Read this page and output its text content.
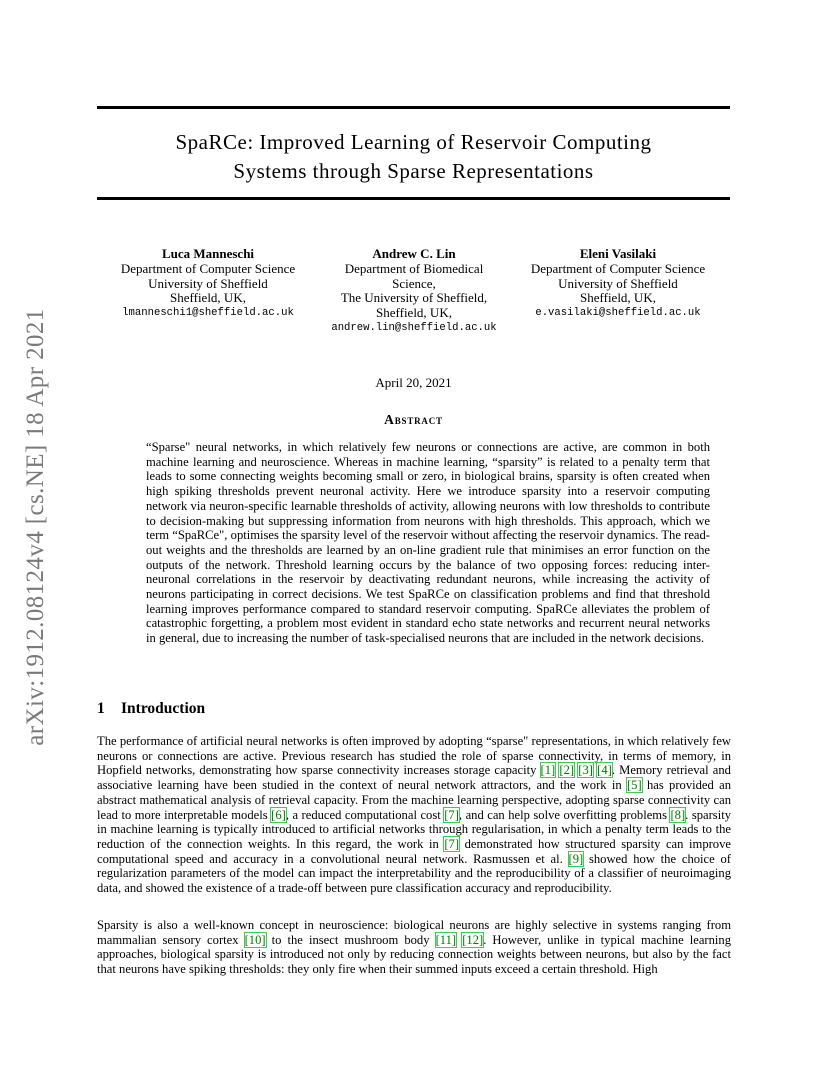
SpaRCe: Improved Learning of Reservoir Computing
Systems through Sparse Representations
arXiv:1912.08124v4 [cs.NE] 18 Apr 2021
Luca Manneschi
Department of Computer Science
University of Sheffield
Sheffield, UK,
lmanneschi1@sheffield.ac.uk
Andrew C. Lin
Department of Biomedical
Science,
The University of Sheffield,
Sheffield, UK,
andrew.lin@sheffield.ac.uk
Eleni Vasilaki
Department of Computer Science
University of Sheffield
Sheffield, UK,
e.vasilaki@sheffield.ac.uk
April 20, 2021
Abstract

“Sparse" neural networks, in which relatively few neurons or connections are active, are common in both machine learning and neuroscience. Whereas in machine learning, “sparsity” is related to a penalty term that leads to some connecting weights becoming small or zero, in biological brains, sparsity is often created when high spiking thresholds prevent neuronal activity. Here we introduce sparsity into a reservoir computing network via neuron-specific learnable thresholds of activity, allowing neurons with low thresholds to contribute to decision-making but suppressing information from neurons with high thresholds. This approach, which we term “SpaRCe", optimises the sparsity level of the reservoir without affecting the reservoir dynamics. The read-out weights and the thresholds are learned by an on-line gradient rule that minimises an error function on the outputs of the network. Threshold learning occurs by the balance of two opposing forces: reducing inter-neuronal correlations in the reservoir by deactivating redundant neurons, while increasing the activity of neurons participating in correct decisions. We test SpaRCe on classification problems and find that threshold learning improves performance compared to standard reservoir computing. SpaRCe alleviates the problem of catastrophic forgetting, a problem most evident in standard echo state networks and recurrent neural networks in general, due to increasing the number of task-specialised neurons that are included in the network decisions.

1 Introduction

The performance of artificial neural networks is often improved by adopting “sparse" representations, in which relatively few neurons or connections are active. Previous research has studied the role of sparse connectivity, in terms of memory, in Hopfield networks, demonstrating how sparse connectivity increases storage capacity [1] [2] [3] [4]. Memory retrieval and associative learning have been studied in the context of neural network attractors, and the work in [5] has provided an abstract mathematical analysis of retrieval capacity. From the machine learning perspective, adopting sparse connectivity can lead to more interpretable models [6], a reduced computational cost [7], and can help solve overfitting problems [8]. sparsity in machine learning is typically introduced to artificial networks through regularisation, in which a penalty term leads to the reduction of the connection weights. In this regard, the work in [7] demonstrated how structured sparsity can improve computational speed and accuracy in a convolutional neural network. Rasmussen et al. [9] showed how the choice of regularization parameters of the model can impact the interpretability and the reproducibility of a classifier of neuroimaging data, and showed the existence of a trade-off between pure classification accuracy and reproducibility.

Sparsity is also a well-known concept in neuroscience: biological neurons are highly selective in systems ranging from mammalian sensory cortex [10] to the insect mushroom body [11] [12]. However, unlike in typical machine learning approaches, biological sparsity is introduced not only by reducing connection weights between neurons, but also by the fact that neurons have spiking thresholds: they only fire when their summed inputs exceed a certain threshold. High
